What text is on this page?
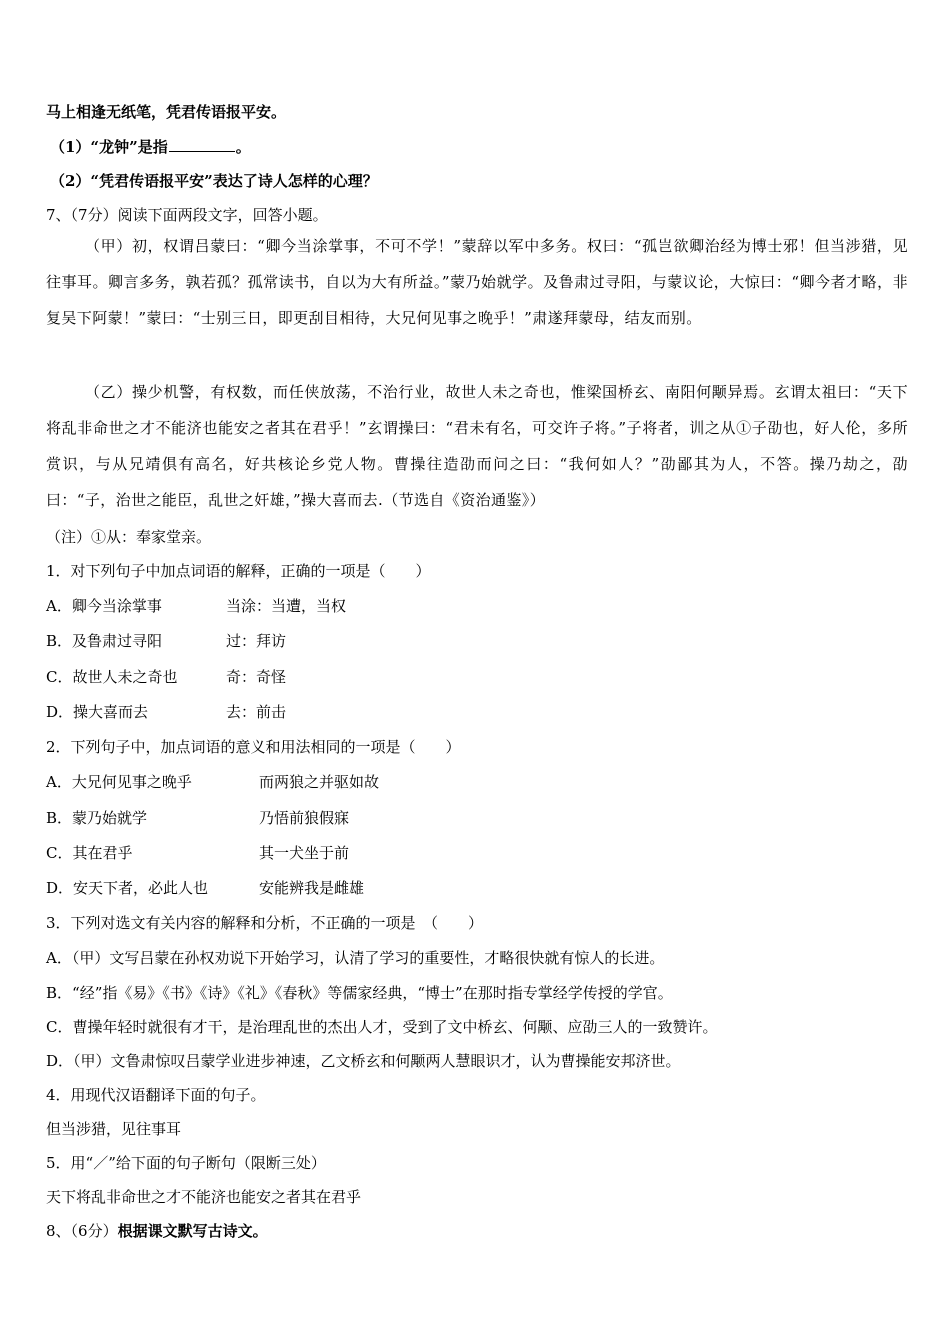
马上相逢无纸笔，凭君传语报平安。
（1）“龙钟”是指	。
（2）“凭君传语报平安”表达了诗人怎样的心理？
7、（7分）阅读下面两段文字，回答小题。
（甲）初，权谓吕蒙曰：“卿今当涂掌事，不可不学！”蒙辞以军中多务。权曰：“孤岂欲卿治经为博士邪！但当涉猎，见往事耳。卿言多务，孰若孤？孤常读书，自以为大有所益。”蒙乃始就学。及鲁肃过寻阳，与蒙议论，大惊曰：“卿今者才略，非复吴下阿蒙！”蒙曰：“士别三日，即更刮目相待，大兄何见事之晚乎！”肃遂拜蒙母，结友而别。
（乙）操少机警，有权数，而任侠放荡，不治行业，故世人未之奇也，惟梁国桥玄、南阳何颙异焉。玄谓太祖曰：“天下将乱非命世之才不能济也能安之者其在君乎！”玄谓操曰：“君未有名，可交许子将。”子将者，训之从①子劭也，好人伦，多所赏识，与从兄靖俱有高名，好共核论乡党人物。曹操往造劭而问之曰：“我何如人？”劭鄙其为人，不答。操乃劫之，劭曰：“子，治世之能臣，乱世之奸雄，”操大喜而去.（节选自《资治通鉴》）
（注）①从：奉家堂亲。
1．对下列句子中加点词语的解释，正确的一项是（　　）
A．卿今当涂掌事	当涂：当遭，当权
B．及鲁肃过寻阳	过：拜访
C．故世人未之奇也	奇：奇怪
D．操大喜而去	去：前击
2．下列句子中，加点词语的意义和用法相同的一项是（　　）
A．大兄何见事之晚乎	而两狼之并驱如故
B．蒙乃始就学	乃悟前狼假寐
C．其在君乎	其一犬坐于前
D．安天下者，必此人也	安能辨我是雌雄
3．下列对选文有关内容的解释和分析，不正确的一项是　（　　）
A．（甲）文写吕蒙在孙权劝说下开始学习，认清了学习的重要性，才略很快就有惊人的长进。
B．“经”指《易》《书》《诗》《礼》《春秋》等儒家经典，“博士”在那时指专掌经学传授的学官。
C．曹操年轻时就很有才干，是治理乱世的杰出人才，受到了文中桥玄、何颙、应劭三人的一致赞许。
D．（甲）文鲁肃惊叹吕蒙学业进步神速，乙文桥玄和何颙两人慧眼识才，认为曹操能安邦济世。
4．用现代汉语翻译下面的句子。
但当涉猎，见往事耳
5．用“／”给下面的句子断句（限断三处）
天下将乱非命世之才不能济也能安之者其在君乎
8、（6分）根据课文默写古诗文。
